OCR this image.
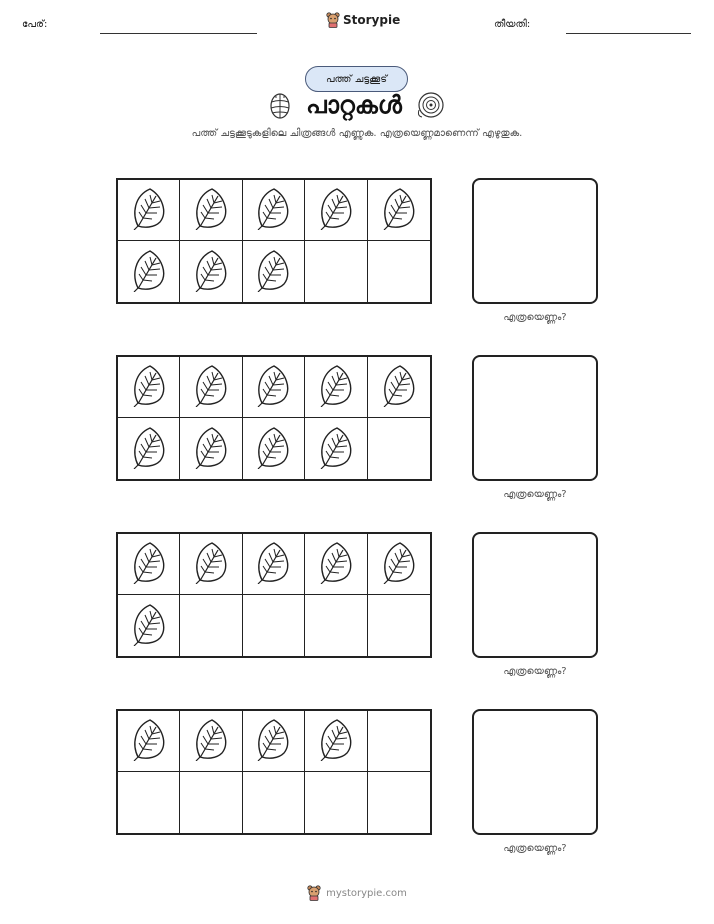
പേര്:	Storypie	തീയതി:
പത്ത് ചട്ടക്കൂട്
പാറ്റകൾ
പത്ത് ചട്ടക്കൂടുകളിലെ ചിത്രങ്ങൾ എണ്ണുക. എത്രയെണ്ണമാണെന്ന് എഴുതുക.
എത്രയെണ്ണം?
എത്രയെണ്ണം?
എത്രയെണ്ണം?
എത്രയെണ്ണം?
mystorypie.com
